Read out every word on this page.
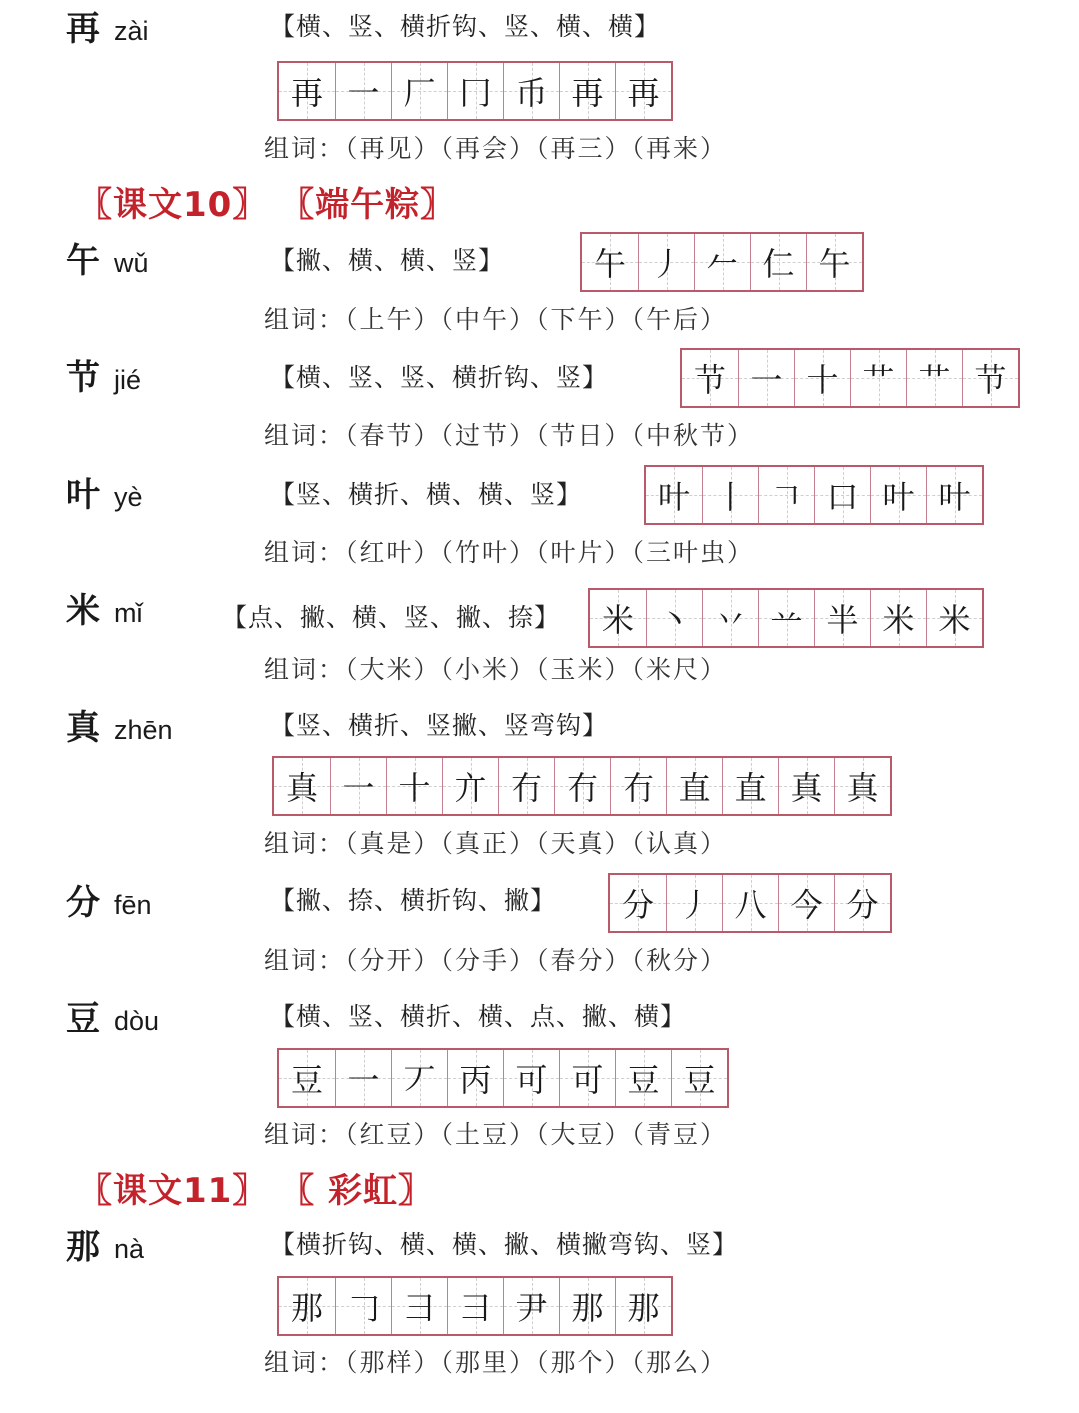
再 zài	【横、竖、横折钩、竖、横、横】
再 一 厂 冂 币 再 再
组词：（再见）（再会）（再三）（再来）
〖课文10〗 〖端午粽〗
午 wǔ	【撇、横、横、竖】	午 丿 𠂉 仁 午
组词：（上午）（中午）（下午）（午后）
节 jié	【横、竖、竖、横折钩、竖】	节 一 十 艹 艹 节
组词：（春节）（过节）（节日）（中秋节）
叶 yè	【竖、横折、横、横、竖】 叶 丨 𠃍 口 叶 叶
组词：（红叶）（竹叶）（叶片）（三叶虫）
米 mǐ	【点、撇、横、竖、撇、捺】 米 丶 丷 䒑 半 米 米
组词：（大米）（小米）（玉米）（米尺）
真 zhēn	【竖、横折、竖撇、竖弯钩】
真 一 十 亣 冇 冇 冇 直 直 真 真
组词：（真是）（真正）（天真）（认真）
分 fēn	【撇、捺、横折钩、撇】 分 丿 八 今 分
组词：（分开）（分手）（春分）（秋分）
豆 dòu	【横、竖、横折、横、点、撇、横】
豆 一 丆 丙 可 可 豆 豆
组词：（红豆）（土豆）（大豆）（青豆）
〖课文11〗 〖 彩虹〗
那 nà	【横折钩、横、横、撇、横撇弯钩、竖】
那 𠃌 彐 彐 尹 那 那
组词：（那样）（那里）（那个）（那么）
